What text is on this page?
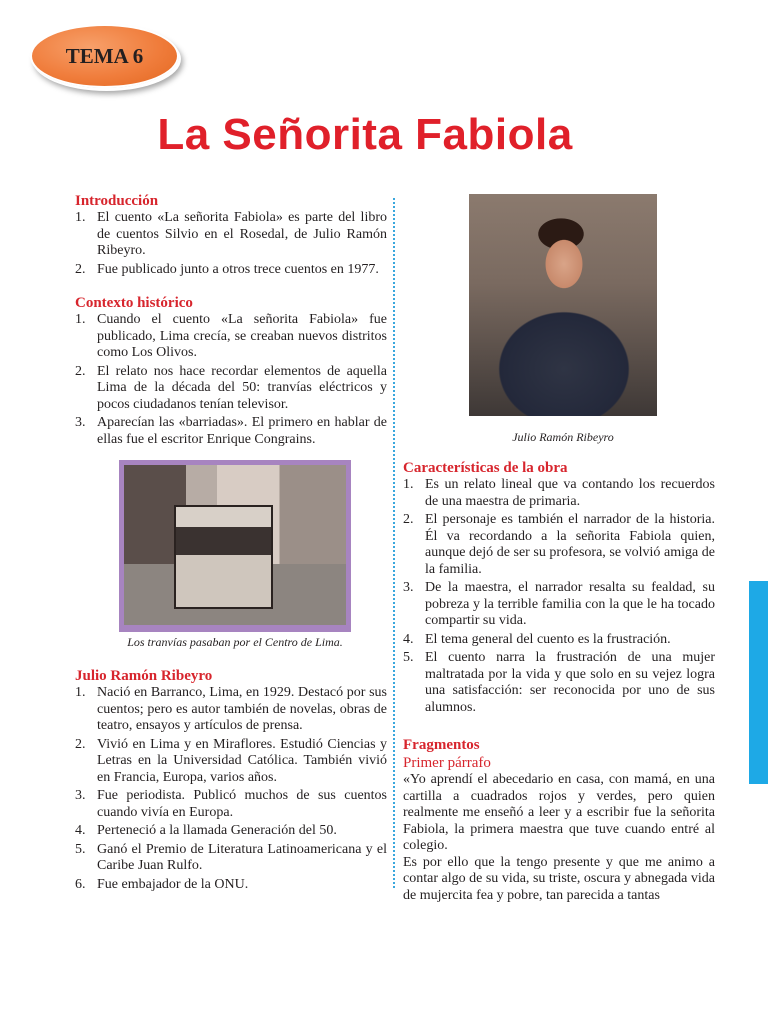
TEMA 6
La Señorita Fabiola
Introducción
1. El cuento «La señorita Fabiola» es parte del libro de cuentos Silvio en el Rosedal, de Julio Ramón Ribeyro.
2. Fue publicado junto a otros trece cuentos en 1977.
Contexto histórico
1. Cuando el cuento «La señorita Fabiola» fue publicado, Lima crecía, se creaban nuevos distritos como Los Olivos.
2. El relato nos hace recordar elementos de aquella Lima de la década del 50: tranvías eléctricos y pocos ciudadanos tenían televisor.
3. Aparecían las «barriadas». El primero en hablar de ellas fue el escritor Enrique Congrains.
Los tranvías pasaban por el Centro de Lima.
Julio Ramón Ribeyro
1. Nació en Barranco, Lima, en 1929. Destacó por sus cuentos; pero es autor también de novelas, obras de teatro, ensayos y artículos de prensa.
2. Vivió en Lima y en Miraflores. Estudió Ciencias y Letras en la Universidad Católica. También vivió en Francia, Europa, varios años.
3. Fue periodista. Publicó muchos de sus cuentos cuando vivía en Europa.
4. Perteneció a la llamada Generación del 50.
5. Ganó el Premio de Literatura Latinoamericana y el Caribe Juan Rulfo.
6. Fue embajador de la ONU.
Julio Ramón Ribeyro
Características de la obra
1. Es un relato lineal que va contando los recuerdos de una maestra de primaria.
2. El personaje es también el narrador de la historia. Él va recordando a la señorita Fabiola quien, aunque dejó de ser su profesora, se volvió amiga de la familia.
3. De la maestra, el narrador resalta su fealdad, su pobreza y la terrible familia con la que le ha tocado compartir su vida.
4. El tema general del cuento es la frustración.
5. El cuento narra la frustración de una mujer maltratada por la vida y que solo en su vejez logra una satisfacción: ser reconocida por uno de sus alumnos.
Fragmentos
Primer párrafo

«Yo aprendí el abecedario en casa, con mamá, en una cartilla a cuadrados rojos y verdes, pero quien realmente me enseñó a leer y a escribir fue la señorita Fabiola, la primera maestra que tuve cuando entré al colegio.

Es por ello que la tengo presente y que me animo a contar algo de su vida, su triste, oscura y abnegada vida de mujercita fea y pobre, tan parecida a tantas
